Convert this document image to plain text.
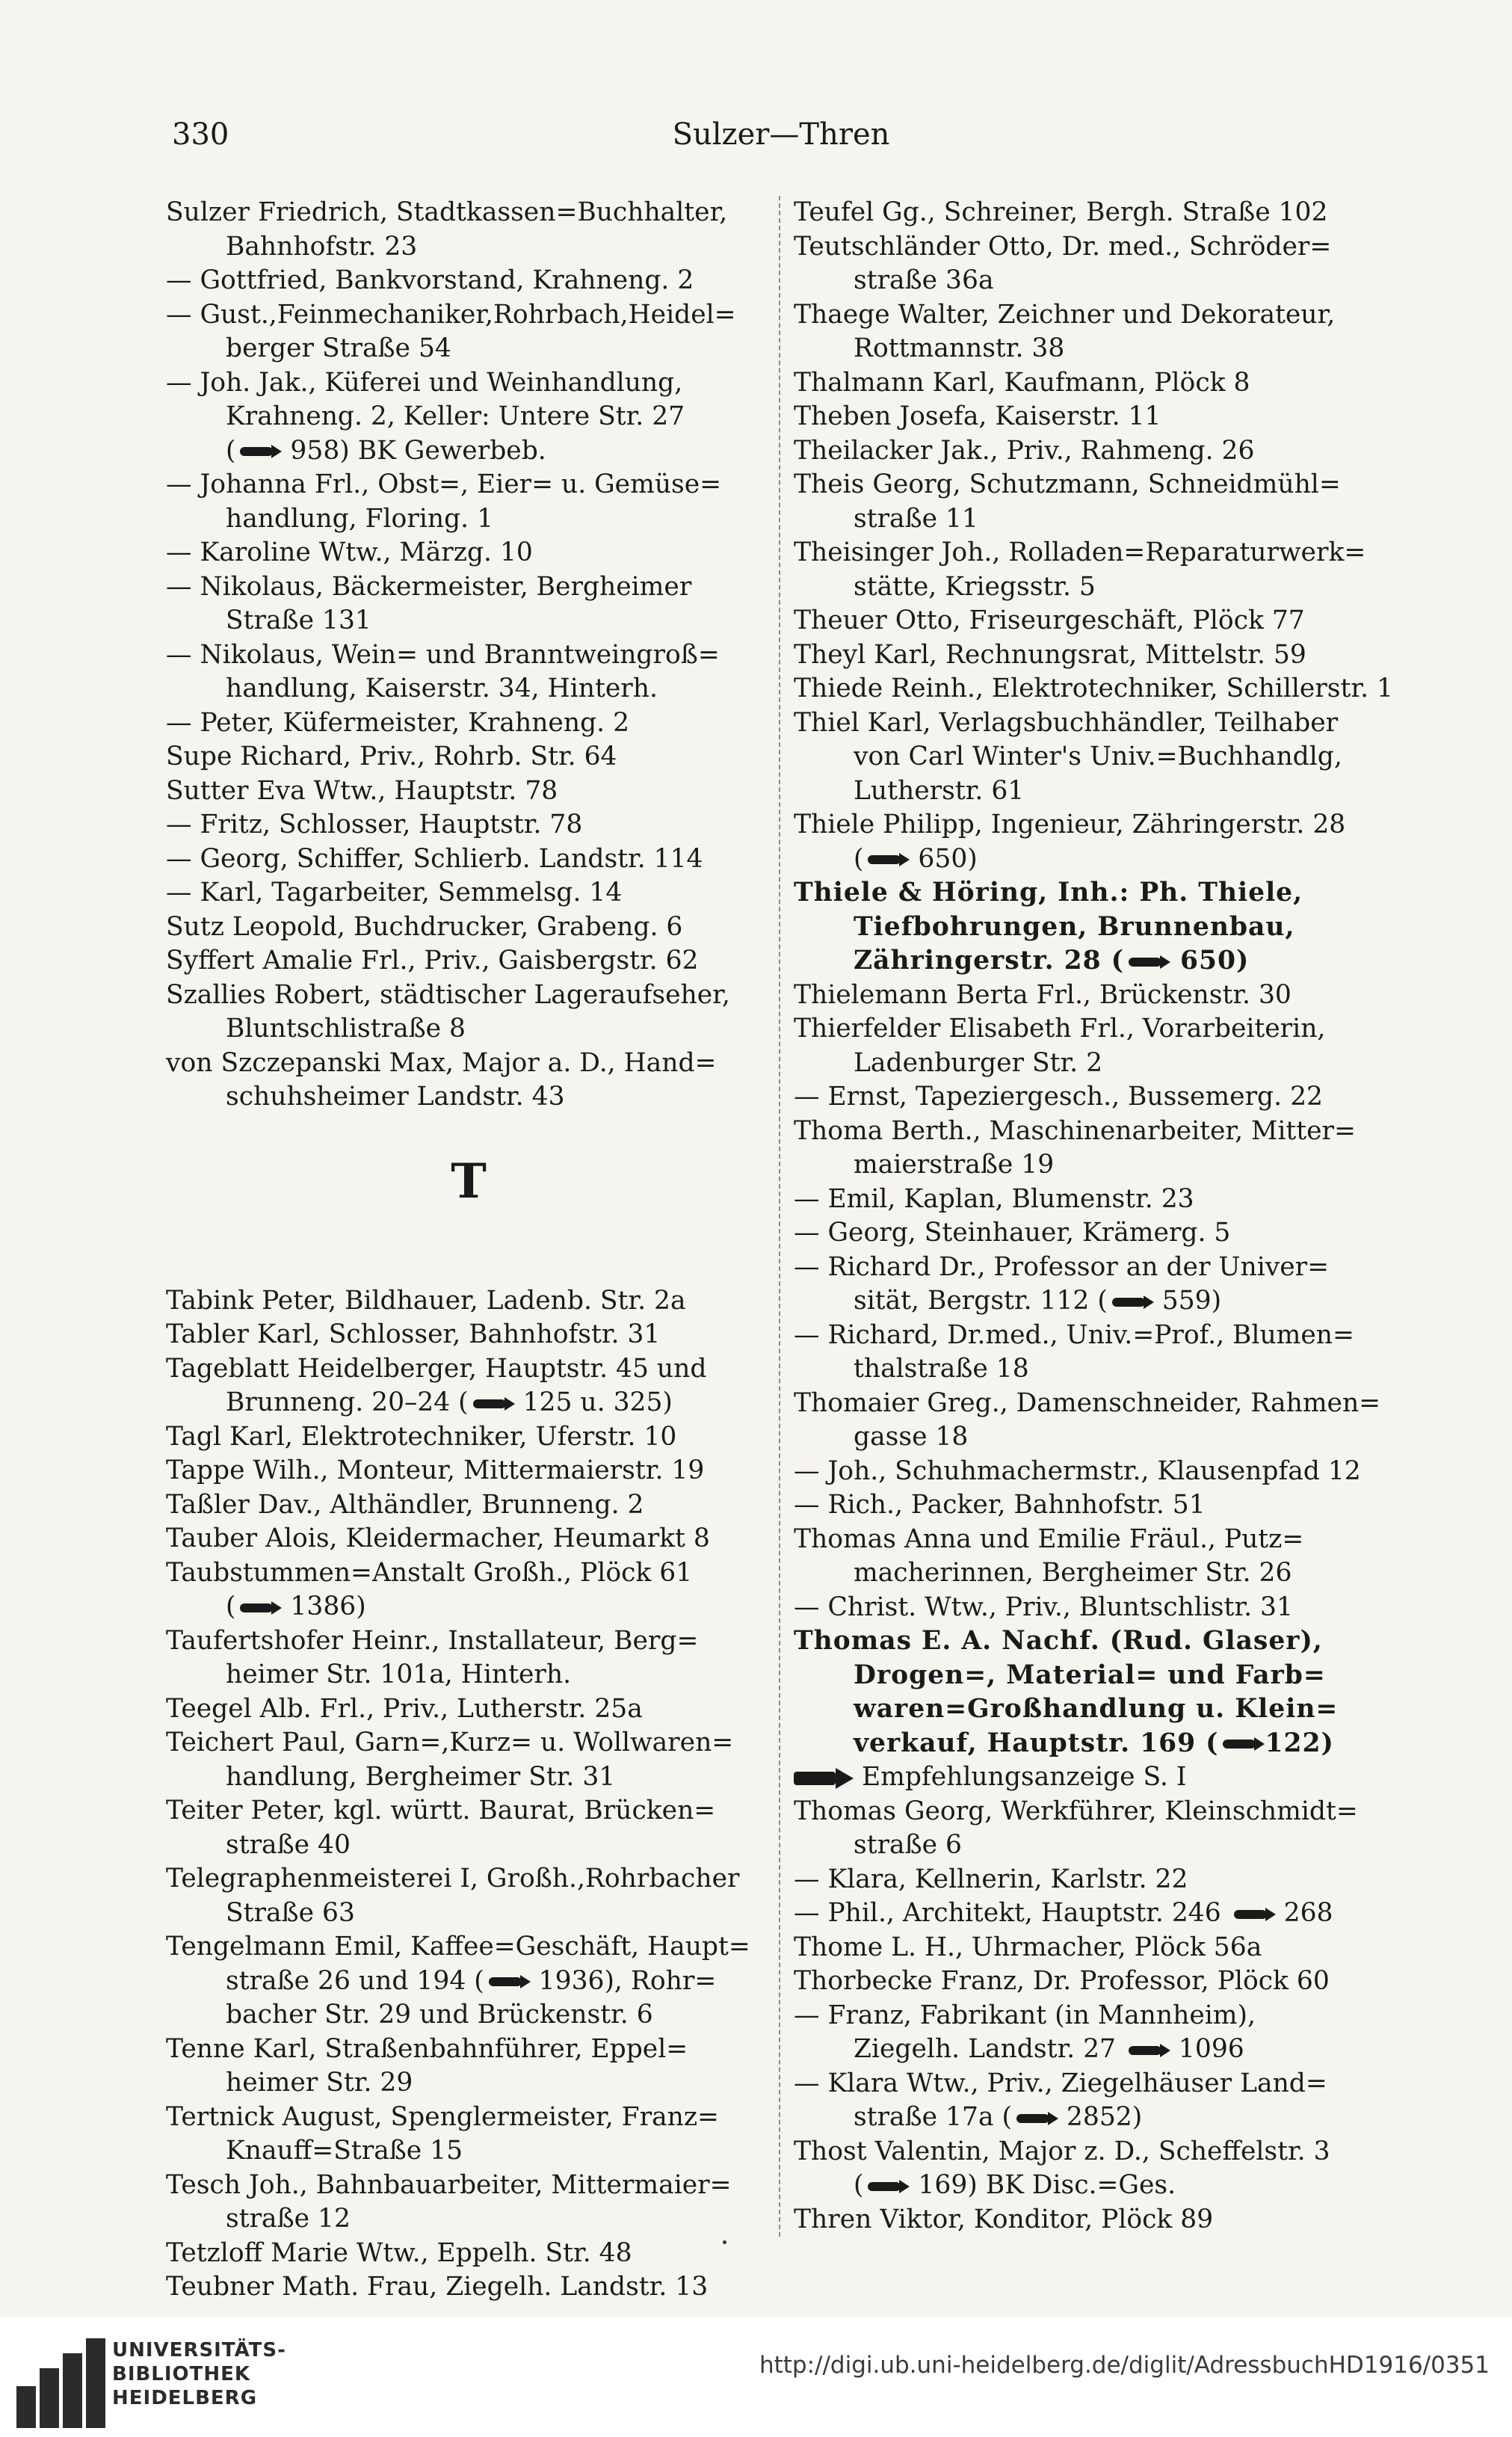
330	Sulzer—Thren
Sulzer Friedrich, Stadtkassen=Buchhalter,
Bahnhofstr. 23
— Gottfried, Bankvorstand, Krahneng. 2
— Gust.,Feinmechaniker,Rohrbach,Heidel=
berger Straße 54
— Joh. Jak., Küferei und Weinhandlung,
Krahneng. 2, Keller: Untere Str. 27
( 958) BK Gewerbeb.
— Johanna Frl., Obst=, Eier= u. Gemüse=
handlung, Floring. 1
— Karoline Wtw., Märzg. 10
— Nikolaus, Bäckermeister, Bergheimer
Straße 131
— Nikolaus, Wein= und Branntweingroß=
handlung, Kaiserstr. 34, Hinterh.
— Peter, Küfermeister, Krahneng. 2
Supe Richard, Priv., Rohrb. Str. 64
Sutter Eva Wtw., Hauptstr. 78
— Fritz, Schlosser, Hauptstr. 78
— Georg, Schiffer, Schlierb. Landstr. 114
— Karl, Tagarbeiter, Semmelsg. 14
Sutz Leopold, Buchdrucker, Grabeng. 6
Syffert Amalie Frl., Priv., Gaisbergstr. 62
Szallies Robert, städtischer Lageraufseher,
Bluntschlistraße 8
von Szczepanski Max, Major a. D., Hand=
schuhsheimer Landstr. 43
T
Tabink Peter, Bildhauer, Ladenb. Str. 2a
Tabler Karl, Schlosser, Bahnhofstr. 31
Tageblatt Heidelberger, Hauptstr. 45 und
Brunneng. 20–24 ( 125 u. 325)
Tagl Karl, Elektrotechniker, Uferstr. 10
Tappe Wilh., Monteur, Mittermaierstr. 19
Taßler Dav., Althändler, Brunneng. 2
Tauber Alois, Kleidermacher, Heumarkt 8
Taubstummen=Anstalt Großh., Plöck 61
( 1386)
Taufertshofer Heinr., Installateur, Berg=
heimer Str. 101a, Hinterh.
Teegel Alb. Frl., Priv., Lutherstr. 25a
Teichert Paul, Garn=,Kurz= u. Wollwaren=
handlung, Bergheimer Str. 31
Teiter Peter, kgl. württ. Baurat, Brücken=
straße 40
Telegraphenmeisterei I, Großh.,Rohrbacher
Straße 63
Tengelmann Emil, Kaffee=Geschäft, Haupt=
straße 26 und 194 ( 1936), Rohr=
bacher Str. 29 und Brückenstr. 6
Tenne Karl, Straßenbahnführer, Eppel=
heimer Str. 29
Tertnick August, Spenglermeister, Franz=
Knauff=Straße 15
Tesch Joh., Bahnbauarbeiter, Mittermaier=
straße 12
Tetzloff Marie Wtw., Eppelh. Str. 48
Teubner Math. Frau, Ziegelh. Landstr. 13
Teufel Gg., Schreiner, Bergh. Straße 102
Teutschländer Otto, Dr. med., Schröder=
straße 36a
Thaege Walter, Zeichner und Dekorateur,
Rottmannstr. 38
Thalmann Karl, Kaufmann, Plöck 8
Theben Josefa, Kaiserstr. 11
Theilacker Jak., Priv., Rahmeng. 26
Theis Georg, Schutzmann, Schneidmühl=
straße 11
Theisinger Joh., Rolladen=Reparaturwerk=
stätte, Kriegsstr. 5
Theuer Otto, Friseurgeschäft, Plöck 77
Theyl Karl, Rechnungsrat, Mittelstr. 59
Thiede Reinh., Elektrotechniker, Schillerstr. 1
Thiel Karl, Verlagsbuchhändler, Teilhaber
von Carl Winter's Univ.=Buchhandlg,
Lutherstr. 61
Thiele Philipp, Ingenieur, Zähringerstr. 28
( 650)
Thiele & Höring, Inh.: Ph. Thiele,
Tiefbohrungen, Brunnenbau,
Zähringerstr. 28 ( 650)
Thielemann Berta Frl., Brückenstr. 30
Thierfelder Elisabeth Frl., Vorarbeiterin,
Ladenburger Str. 2
— Ernst, Tapeziergesch., Bussemerg. 22
Thoma Berth., Maschinenarbeiter, Mitter=
maierstraße 19
— Emil, Kaplan, Blumenstr. 23
— Georg, Steinhauer, Krämerg. 5
— Richard Dr., Professor an der Univer=
sität, Bergstr. 112 ( 559)
— Richard, Dr.med., Univ.=Prof., Blumen=
thalstraße 18
Thomaier Greg., Damenschneider, Rahmen=
gasse 18
— Joh., Schuhmachermstr., Klausenpfad 12
— Rich., Packer, Bahnhofstr. 51
Thomas Anna und Emilie Fräul., Putz=
macherinnen, Bergheimer Str. 26
— Christ. Wtw., Priv., Bluntschlistr. 31
Thomas E. A. Nachf. (Rud. Glaser),
Drogen=, Material= und Farb=
waren=Großhandlung u. Klein=
verkauf, Hauptstr. 169 ( 122)
Empfehlungsanzeige S. I
Thomas Georg, Werkführer, Kleinschmidt=
straße 6
— Klara, Kellnerin, Karlstr. 22
— Phil., Architekt, Hauptstr. 246  268
Thome L. H., Uhrmacher, Plöck 56a
Thorbecke Franz, Dr. Professor, Plöck 60
— Franz, Fabrikant (in Mannheim),
Ziegelh. Landstr. 27  1096
— Klara Wtw., Priv., Ziegelhäuser Land=
straße 17a ( 2852)
Thost Valentin, Major z. D., Scheffelstr. 3
( 169) BK Disc.=Ges.
Thren Viktor, Konditor, Plöck 89
UNIVERSITÄTS-
BIBLIOTHEK
HEIDELBERG
http://digi.ub.uni-heidelberg.de/diglit/AdressbuchHD1916/0351
